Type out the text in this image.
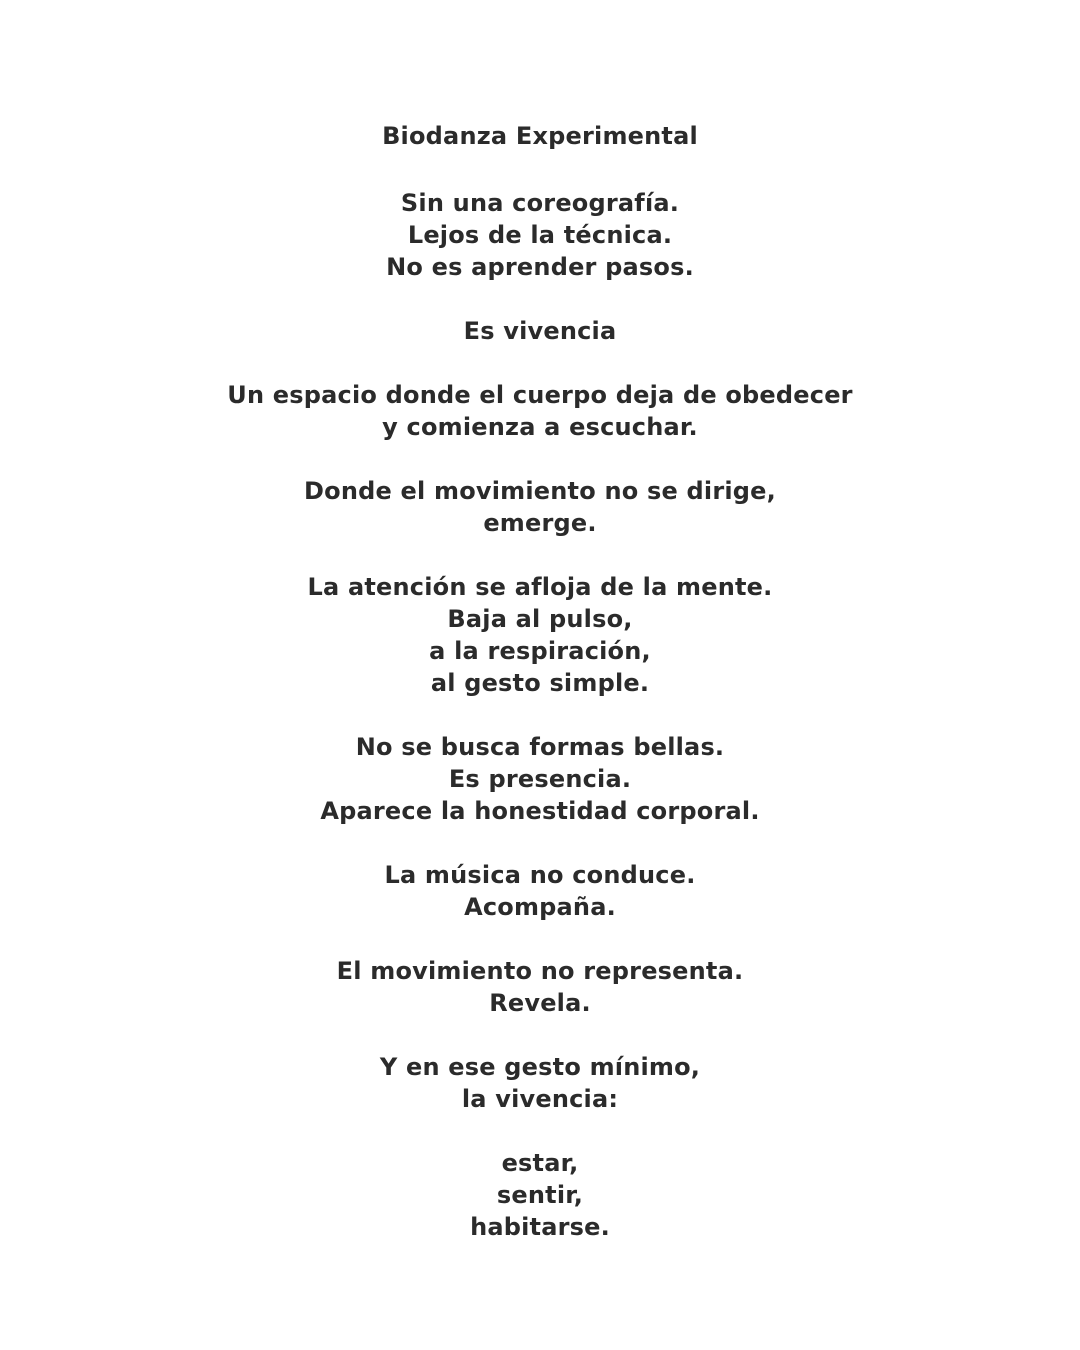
Biodanza Experimental
Sin una coreografía.
Lejos de la técnica.
No es aprender pasos.
Es vivencia
Un espacio donde el cuerpo deja de obedecer
y comienza a escuchar.
Donde el movimiento no se dirige,
emerge.
La atención se afloja de la mente.
Baja al pulso,
a la respiración,
al gesto simple.
No se busca formas bellas.
Es presencia.
Aparece la honestidad corporal.
La música no conduce.
Acompaña.
El movimiento no representa.
Revela.
Y en ese gesto mínimo,
la vivencia:
estar,
sentir,
habitarse.
